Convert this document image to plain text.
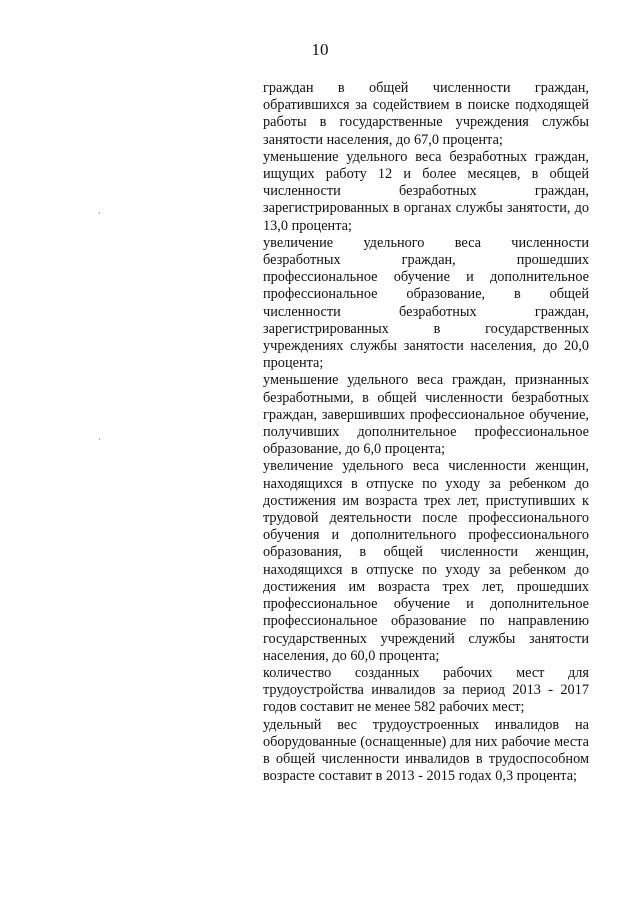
10

граждан в общей численности граждан, обратившихся за содействием в поиске подходящей работы в государственные учреждения службы занятости населения, до 67,0 процента;

уменьшение удельного веса безработных граждан, ищущих работу 12 и более месяцев, в общей численности безработных граждан, зарегистрированных в органах службы занятости, до 13,0 процента;

увеличение удельного веса численности безработных граждан, прошедших профессиональное обучение и дополнительное профессиональное образование, в общей численности безработных граждан, зарегистрированных в государственных учреждениях службы занятости населения, до 20,0 процента;

уменьшение удельного веса граждан, признанных безработными, в общей численности безработных граждан, завершивших профессиональное обучение, получивших дополнительное профессиональное образование, до 6,0 процента;

увеличение удельного веса численности женщин, находящихся в отпуске по уходу за ребенком до достижения им возраста трех лет, приступивших к трудовой деятельности после профессионального обучения и дополнительного профессионального образования, в общей численности женщин, находящихся в отпуске по уходу за ребенком до достижения им возраста трех лет, прошедших профессиональное обучение и дополнительное профессиональное образование по направлению государственных учреждений службы занятости населения, до 60,0 процента;

количество созданных рабочих мест для трудоустройства инвалидов за период 2013 - 2017 годов составит не менее 582 рабочих мест;

удельный вес трудоустроенных инвалидов на оборудованные (оснащенные) для них рабочие места в общей численности инвалидов в трудоспособном возрасте составит в 2013 - 2015 годах 0,3 процента;
